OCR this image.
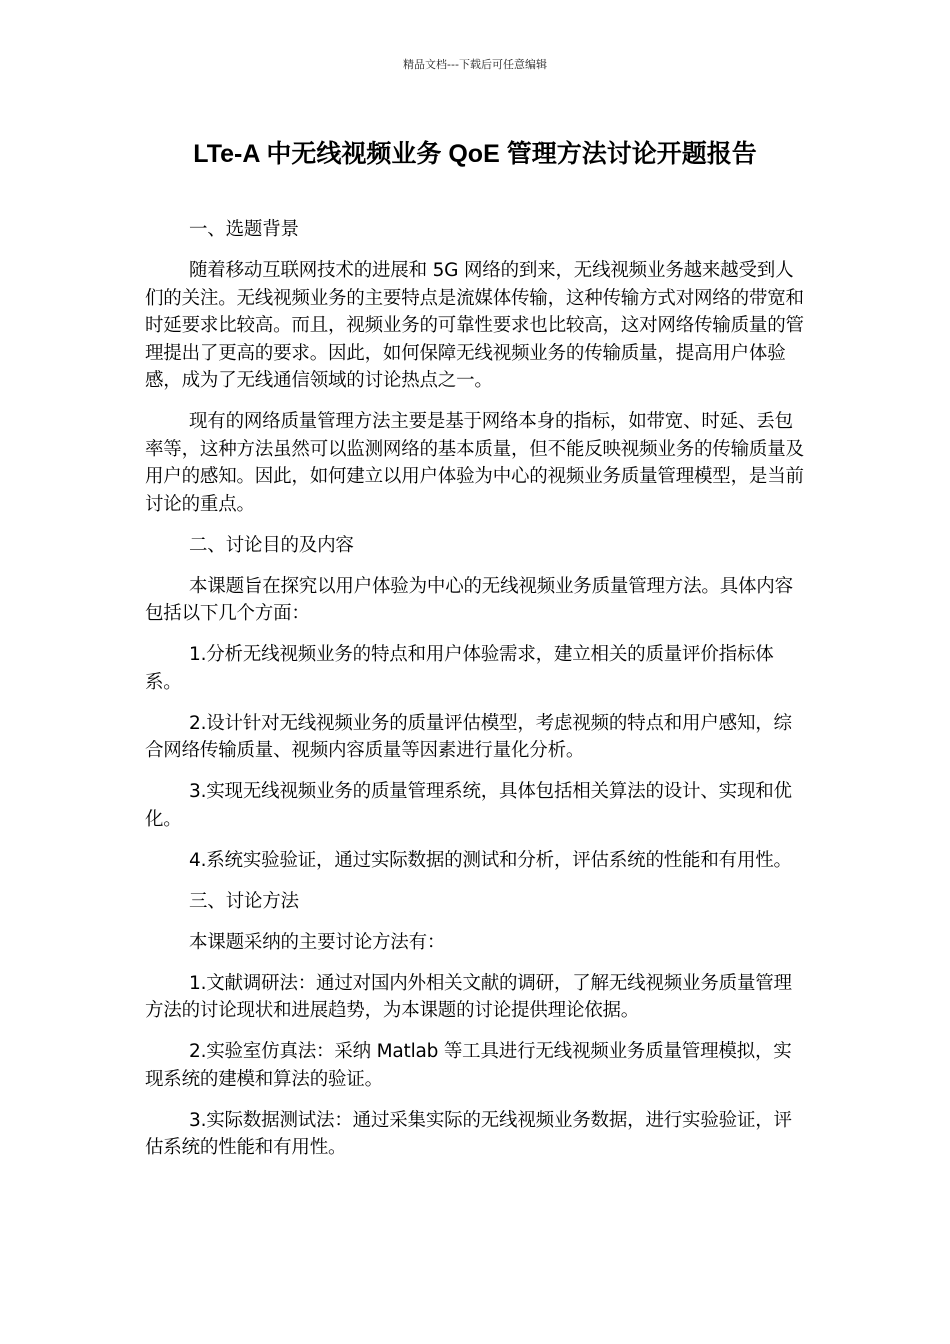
精品文档---下载后可任意编辑
LTe-A 中无线视频业务 QoE 管理方法讨论开题报告

一、选题背景

随着移动互联网技术的进展和 5G 网络的到来，无线视频业务越来越受到人们的关注。无线视频业务的主要特点是流媒体传输，这种传输方式对网络的带宽和时延要求比较高。而且，视频业务的可靠性要求也比较高，这对网络传输质量的管理提出了更高的要求。因此，如何保障无线视频业务的传输质量，提高用户体验感，成为了无线通信领域的讨论热点之一。

现有的网络质量管理方法主要是基于网络本身的指标，如带宽、时延、丢包率等，这种方法虽然可以监测网络的基本质量，但不能反映视频业务的传输质量及用户的感知。因此，如何建立以用户体验为中心的视频业务质量管理模型，是当前讨论的重点。

二、讨论目的及内容

本课题旨在探究以用户体验为中心的无线视频业务质量管理方法。具体内容包括以下几个方面：

1.分析无线视频业务的特点和用户体验需求，建立相关的质量评价指标体系。

2.设计针对无线视频业务的质量评估模型，考虑视频的特点和用户感知，综合网络传输质量、视频内容质量等因素进行量化分析。

3.实现无线视频业务的质量管理系统，具体包括相关算法的设计、实现和优化。

4.系统实验验证，通过实际数据的测试和分析，评估系统的性能和有用性。

三、讨论方法

本课题采纳的主要讨论方法有：

1.文献调研法：通过对国内外相关文献的调研，了解无线视频业务质量管理方法的讨论现状和进展趋势，为本课题的讨论提供理论依据。

2.实验室仿真法：采纳 Matlab 等工具进行无线视频业务质量管理模拟，实现系统的建模和算法的验证。

3.实际数据测试法：通过采集实际的无线视频业务数据，进行实验验证，评估系统的性能和有用性。
